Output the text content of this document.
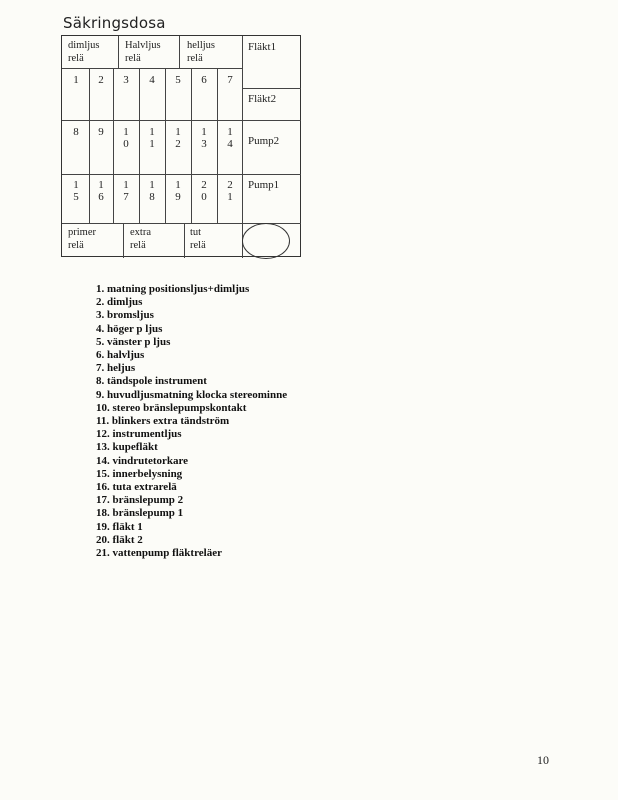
Säkringsdosa
dimljus
relä
Halvljus
relä
helljus
relä
Fläkt1
Fläkt2
Pump2
Pump1
1 2 3 4 5 6 7
8 9 1
0
1
1
1
2
1
3
1
4
1
5
1
6
1
7
1
8
1
9
2
0
2
1
primer
relä
extra
relä
tut
relä
1. matning positionsljus+dimljus
2. dimljus
3. bromsljus
4. höger p ljus
5. vänster p ljus
6. halvljus
7. heljus
8. tändspole instrument
9. huvudljusmatning klocka stereominne
10. stereo bränslepumpskontakt
11. blinkers extra tändström
12. instrumentljus
13. kupefläkt
14. vindrutetorkare
15. innerbelysning
16. tuta extrarelä
17. bränslepump 2
18. bränslepump 1
19. fläkt 1
20. fläkt 2
21. vattenpump fläktreläer
10
